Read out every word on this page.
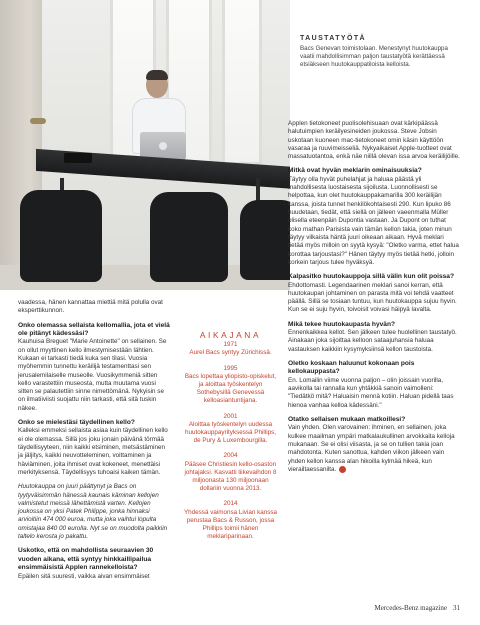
TAUSTATYÖTÄ
Bacs Genevan toimistolaan. Menestynyt huutokauppa vaatii mahdollisimman paljon taustatyötä kerättäessä etsiäkseen huutokauppatiloista kelloista.

vaadessa, hänen kannattaa miettiä mitä polulla ovat eksperttikunnon.

Onko olemassa sellaista kellomallia, jota et vielä ole pitänyt kädessäsi?

Kauhuisa Breguet "Marie Antoinette" on sellainen. Se on ollut myyttinen kello ilmestymisestään lähtien. Kukaan ei tarkasti tiedä kuka sen tilasi. Vuosia myöhemmin tunnettu keräilijä testamenttasi sen jerusalemilaiselle museolle. Vuosikymmeniä sitten kello varastettiin museosta, mutta muutama vuosi sitten se palautettiin sinne nimettömänä. Nykyisin se on ilmatiiviisti suojattu niin tarkasti, että sitä tuskin näkee.

Onko se mielestäsi täydellinen kello?

Kalleksi emmeksi sellaista asiaa kuin täydellinen kello ei ole olemassa. Sillä jos joku jonain päivänä törmää täydellisyyteen, niin kaikki etsiminen, metsästäminen ja jäljitys, kaikki neuvotteleminen, voittaminen ja häviäminen, joita ihmiset ovat kokeneet, menettäisi merkityksensä. Täydellisyys tuhoaisi kaiken tämän.

Huutokauppa on juuri päättynyt ja Bacs on tyytyväisimmän hänessä kaunais käminan kellojen valmistetut meissä lähettämistä varten. Kellojen joukossa on yksi Patek Philippe, jonka hinnaksi arvioitiin 474 000 euroa, mutta joka vaihtui lopulta omistajaa 840 00 eurolla. Nyt se on muodolta paikkiin taltelo kerosta jo pakattu.

Uskotko, että on mahdollista seuraavien 30 vuoden aikana, että syntyy hinkkaillipailua ensimmäisistä Applen rannekelloista?

Epäilen sitä suuresti, vaikka aivan ensimmäiset

AIKAJANA
1971
Aurel Bacs syntyy Zürichissä.
1995
Bacs lopettaa yliopisto-opiskelut, ja aloittaa työskentelyn Sothebysillä Genevessä kelloasiantuntijana.
2001
Aloittaa työskentelyn uudessa huutokauppayrityksessä Phillips, de Pury & Luxembourgilla.
2004
Pääsee Christiesin kello-osaston johtajaksi. Kasvatti liikevaihdon 8 miljoonasta 130 miljoonaan dollariin vuonna 2013.
2014
Yhdessä vaimonsa Livian kanssa perustaa Bacs & Russon, jossa Phillips toimii hänen meklariparinaan.

Applen tietokoneet puolisolehisuaan ovat kärkipäässä halutuimpien keräilyesineiden joukossa. Steve Jobsin uskotaan kuoneen mac-tietokoneet omin käsin käyttöön vasaraa ja ruuvimeisseliä. Nykyaikaiset Apple-tuotteet ovat massatuotantoa, enkä näe niillä olevan issa arvoa keräilijöille.

Mitkä ovat hyvän meklarin ominaisuuksia?

Täytyy olla hyvät puhelahjat ja haluaa päästä yli mahdollisesta luostaisesta sijoilusta. Luonnollisesti se helpottaa, kun olet huutokauppakamarilla 300 keräilijän kanssa, joista tunnet henkilökohtaisesti 290. Kun lipuko 86 huudetaan, tiedät, että siellä on jälleen vaeenmalla Müller olisella eteenpäin Dupontia vastaan. Ja Dupont on tuthat koko mathan Parisista vain tämän kellon takia, joten minun täytyy vilkaista häntä juuri oikeaan aikaan. Hyvä meklari tietää myös milloin on syytä kysyä: "Oletko varma, ettet halua korottaa tarjoustasi?" Hänen täytyy myös tietää hetki, jolloin korkein tarjous tulee hyväksyä.

Kalpasitko huutokauppoja sillä välin kun olit poissa?

Ehdottomasti. Legendaarinen meklari sanoi kerran, että huutokaupan johtaminen on parasta mitä voi tehdä vaatteet päällä. Sillä se tosiaan tuntuu, kun huutokauppa sujuu hyvin. Kun se ei suju hyvin, toivoisit voivasi häipyä lavalta.

Mikä tekee huutokaupasta hyvän?

Ennenkaikkea kellot. Sen jälkeen tulee huolellinen taustatyö. Ainakaan joka sijoittaa kelloon sataajuhansia haluaa vastauksen kaikkiin kysymyksiinsä kellon taustoista.

Oletko koskaan haluunut kokonaan pois kellokauppasta?

En. Lomailin viime vuonna paljon – olin joissain vuorilla, aavikolla tai rannalla kun yhtäkkiä sanoin vaimolleni: "Tiedätkö mitä? Haluaisin mennä kotiin. Haluan pidellä taas hienoa vanhaa kelloa kädessäni."

Otatko sellaisen mukaan matkoillesi?

Vain yhden. Olen varovainen: ihminen, en sellainen, joka kulkee maailman ympäri matkalaukullinen arvokkaita kelloja mukanaan. Se ei olisi viisasta, ja se on tullien takia joan mahdotonta. Kuten sanottua, kahden viikon jälkeen vain yhden kellon kanssa alan hikoilla kylmää hikeä, kun vierailtaessanilta.

Mercedes-Benz magazine 31
